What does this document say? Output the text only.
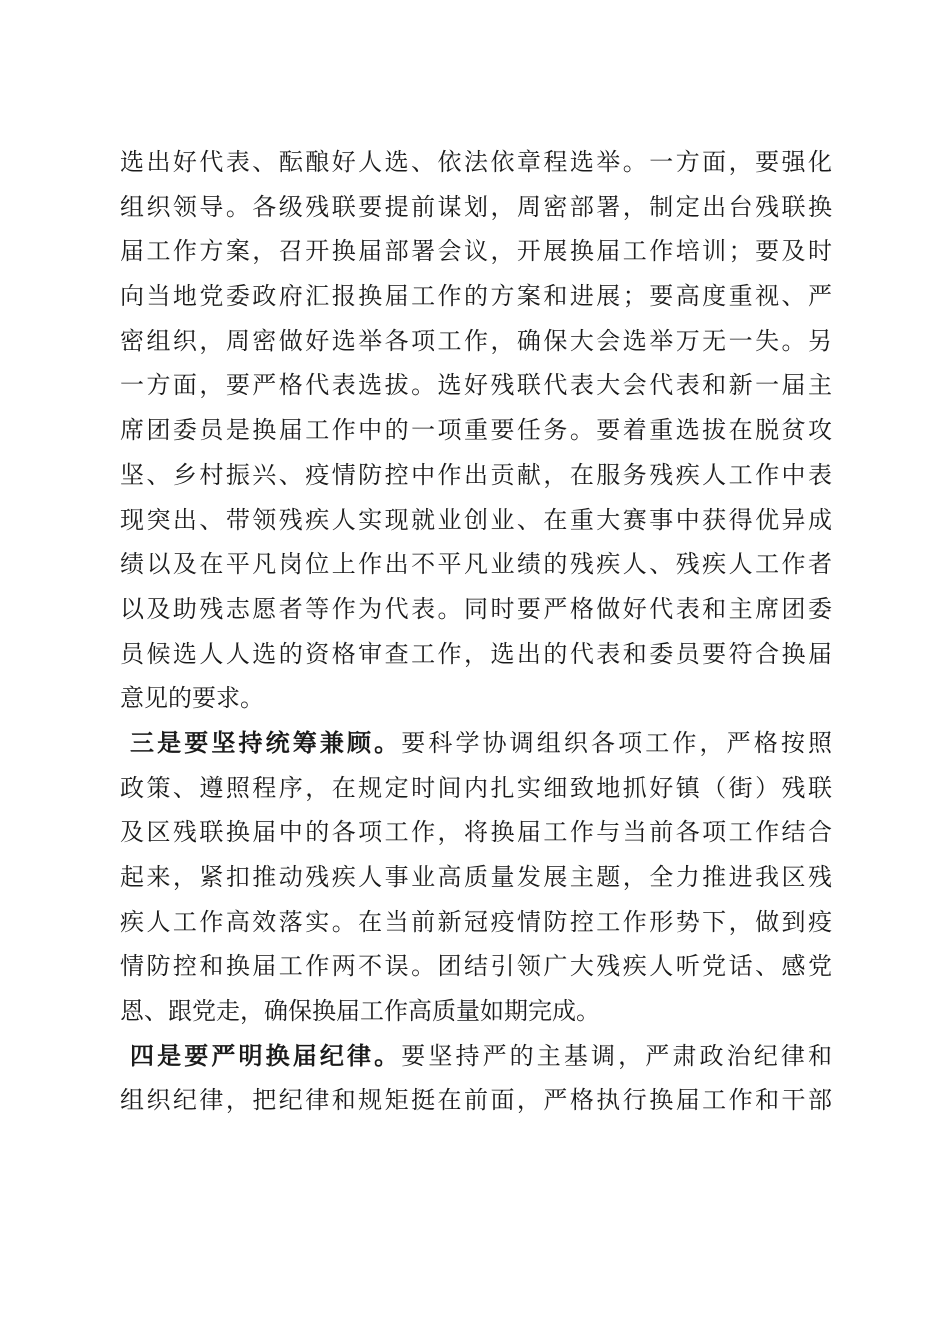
选出好代表、酝酿好人选、依法依章程选举。一方面，要强化
组织领导。各级残联要提前谋划，周密部署，制定出台残联换
届工作方案，召开换届部署会议，开展换届工作培训；要及时
向当地党委政府汇报换届工作的方案和进展；要高度重视、严
密组织，周密做好选举各项工作，确保大会选举万无一失。另
一方面，要严格代表选拔。选好残联代表大会代表和新一届主
席团委员是换届工作中的一项重要任务。要着重选拔在脱贫攻
坚、乡村振兴、疫情防控中作出贡献，在服务残疾人工作中表
现突出、带领残疾人实现就业创业、在重大赛事中获得优异成
绩以及在平凡岗位上作出不平凡业绩的残疾人、残疾人工作者
以及助残志愿者等作为代表。同时要严格做好代表和主席团委
员候选人人选的资格审查工作，选出的代表和委员要符合换届
意见的要求。
三是要坚持统筹兼顾。要科学协调组织各项工作，严格按照
政策、遵照程序，在规定时间内扎实细致地抓好镇（街）残联
及区残联换届中的各项工作，将换届工作与当前各项工作结合
起来，紧扣推动残疾人事业高质量发展主题，全力推进我区残
疾人工作高效落实。在当前新冠疫情防控工作形势下，做到疫
情防控和换届工作两不误。团结引领广大残疾人听党话、感党
恩、跟党走，确保换届工作高质量如期完成。
四是要严明换届纪律。要坚持严的主基调，严肃政治纪律和
组织纪律，把纪律和规矩挺在前面，严格执行换届工作和干部
